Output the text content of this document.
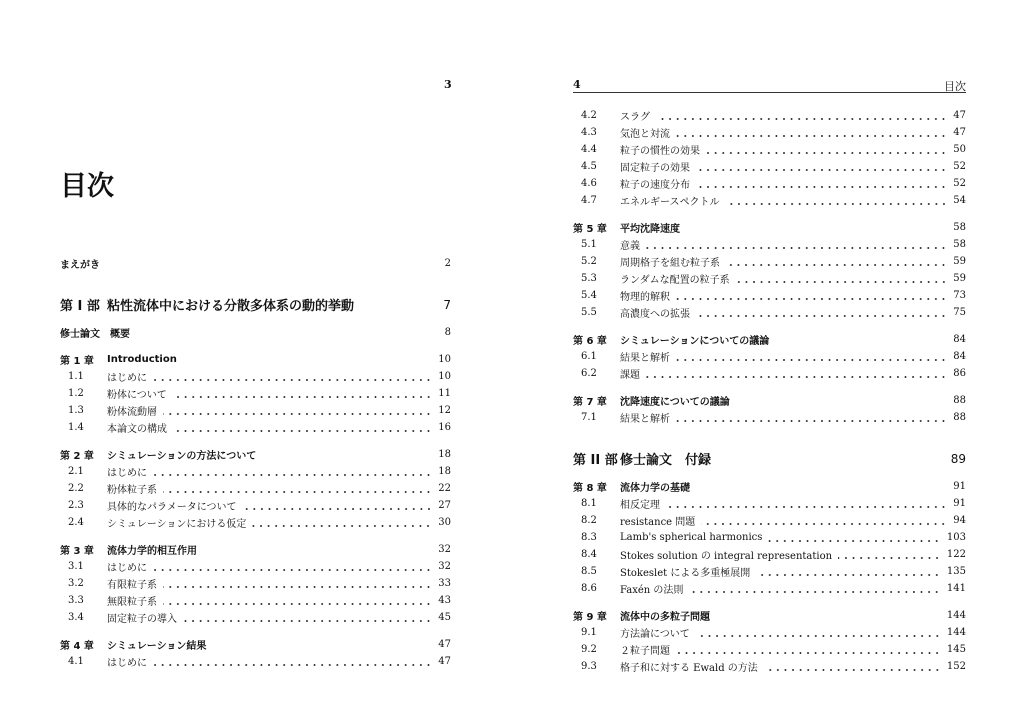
3
目次
まえがき	2
第 I 部 粘性流体中における分散多体系の動的挙動	7
修士論文　概要	8
第 1 章	Introduction	10
1.1	はじめに	10
1.2	粉体について	11
1.3	粉体流動層	12
1.4	本論文の構成	16
第 2 章	シミュレーションの方法について	18
2.1	はじめに	18
2.2	粉体粒子系	22
2.3	具体的なパラメータについて	27
2.4	シミュレーションにおける仮定	30
第 3 章	流体力学的相互作用	32
3.1	はじめに	32
3.2	有限粒子系	33
3.3	無限粒子系	43
3.4	固定粒子の導入	45
第 4 章	シミュレーション結果	47
4.1	はじめに	47
4	目次
4.2	スラグ	47
4.3	気泡と対流	47
4.4	粒子の慣性の効果	50
4.5	固定粒子の効果	52
4.6	粒子の速度分布	52
4.7	エネルギースペクトル	54
第 5 章	平均沈降速度	58
5.1	意義	58
5.2	周期格子を組む粒子系	59
5.3	ランダムな配置の粒子系	59
5.4	物理的解釈	73
5.5	高濃度への拡張	75
第 6 章	シミュレーションについての議論	84
6.1	結果と解析	84
6.2	課題	86
第 7 章	沈降速度についての議論	88
7.1	結果と解析	88
第 II 部 修士論文　付録	89
第 8 章	流体力学の基礎	91
8.1	相反定理	91
8.2	resistance 問題	94
8.3	Lamb's spherical harmonics	103
8.4	Stokes solution の integral representation	122
8.5	Stokeslet による多重極展開	135
8.6	Faxén の法則	141
第 9 章	流体中の多粒子問題	144
9.1	方法論について	144
9.2	２粒子問題	145
9.3	格子和に対する Ewald の方法	152
